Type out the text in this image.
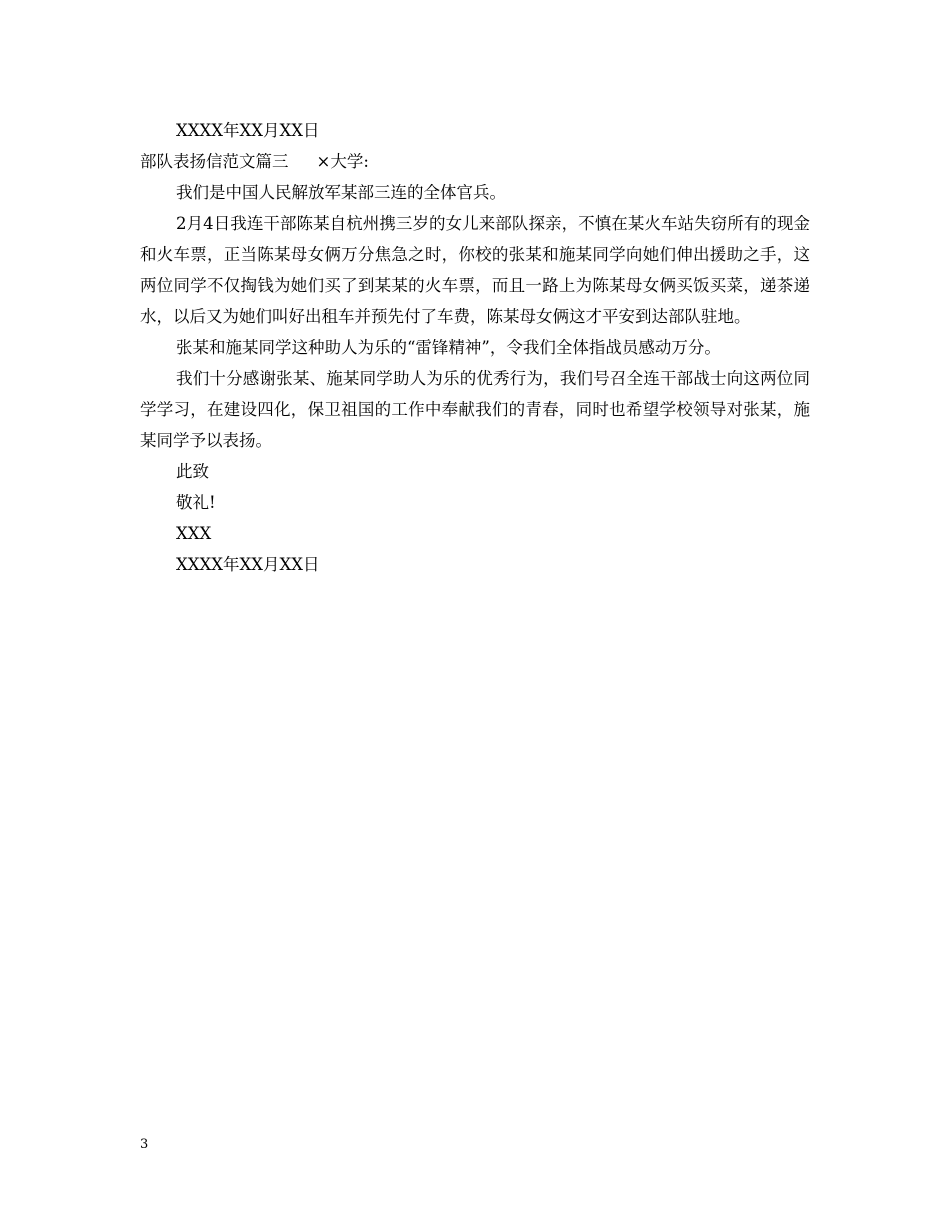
XXXX年XX月XX日

部队表扬信范文篇三 ×大学:

我们是中国人民解放军某部三连的全体官兵。

2月4日我连干部陈某自杭州携三岁的女儿来部队探亲，不慎在某火车站失窃所有的现金和火车票，正当陈某母女俩万分焦急之时，你校的张某和施某同学向她们伸出援助之手，这两位同学不仅掏钱为她们买了到某某的火车票，而且一路上为陈某母女俩买饭买菜，递茶递水，以后又为她们叫好出租车并预先付了车费，陈某母女俩这才平安到达部队驻地。

张某和施某同学这种助人为乐的“雷锋精神”，令我们全体指战员感动万分。

我们十分感谢张某、施某同学助人为乐的优秀行为，我们号召全连干部战士向这两位同学学习，在建设四化，保卫祖国的工作中奉献我们的青春，同时也希望学校领导对张某，施某同学予以表扬。

此致

敬礼!

XXX

XXXX年XX月XX日

3
